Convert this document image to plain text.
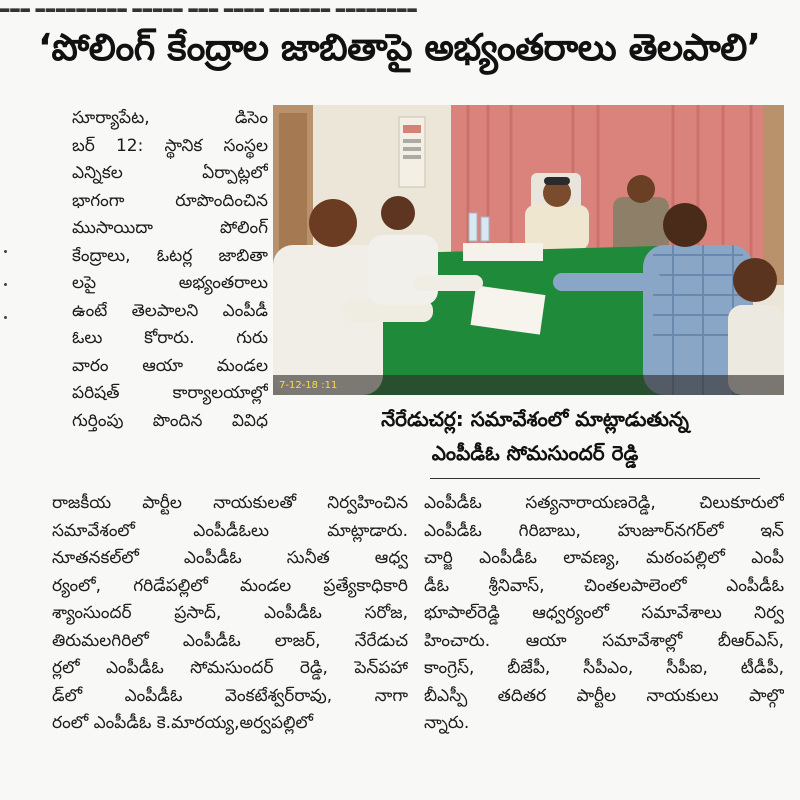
▂▂▂ ▂▂▂▂▂▂▂▂▂ ▂▂▂▂▂ ▂▂▂ ▂▂▂▂ ▂▂▂▂▂▂ ▂▂▂▂▂▂▂▂
‘పోలింగ్ కేంద్రాల జాబితాపై అభ్యంతరాలు తెలపాలి’
సూర్యాపేట, డిసెం
బర్ 12: స్థానిక సంస్థల
ఎన్నికల ఏర్పాట్లలో
భాగంగా రూపొందించిన
ముసాయిదా పోలింగ్
కేంద్రాలు, ఓటర్ల జాబితా
లపై అభ్యంతరాలు
ఉంటే తెలపాలని ఎంపీడీ
ఓలు కోరారు. గురు
వారం ఆయా మండల
పరిషత్ కార్యాలయాల్లో
గుర్తింపు పొందిన వివిధ
7-12-18 :11
నేరేడుచర్ల: సమావేశంలో మాట్లాడుతున్న
ఎంపీడీఓ సోమసుందర్ రెడ్డి
రాజకీయ పార్టీల నాయకులతో నిర్వహించిన
సమావేశంలో ఎంపీడీఓలు మాట్లాడారు.
నూతనకల్‌లో ఎంపీడీఓ సునీత ఆధ్వ
ర్యంలో, గరిడేపల్లిలో మండల ప్రత్యేకాధికారి
శ్యాంసుందర్ ప్రసాద్, ఎంపీడీఓ సరోజ,
తిరుమలగిరిలో ఎంపీడీఓ లాజర్, నేరేడుచ
ర్లలో ఎంపీడీఓ సోమసుందర్ రెడ్డి, పెన్‌పహా
డ్‌లో ఎంపీడీఓ వెంకటేశ్వర్‌రావు, నాగా
రంలో ఎంపీడీఓ కె.మారయ్య,అర్వపల్లిలో
ఎంపీడీఓ సత్యనారాయణరెడ్డి, చిలుకూరులో
ఎంపీడీఓ గిరిబాబు, హుజూర్‌నగర్‌లో ఇన్
చార్జి ఎంపీడీఓ లావణ్య, మఠంపల్లిలో ఎంపీ
డీఓ శ్రీనివాస్, చింతలపాలెంలో ఎంపీడీఓ
భూపాల్‌రెడ్డి ఆధ్వర్యంలో సమావేశాలు నిర్వ
హించారు. ఆయా సమావేశాల్లో బీఆర్ఎస్,
కాంగ్రెస్, బీజేపీ, సీపీఎం, సీపీఐ, టీడీపీ,
బీఎస్పీ తదితర పార్టీల నాయకులు పాల్గొ
న్నారు.
